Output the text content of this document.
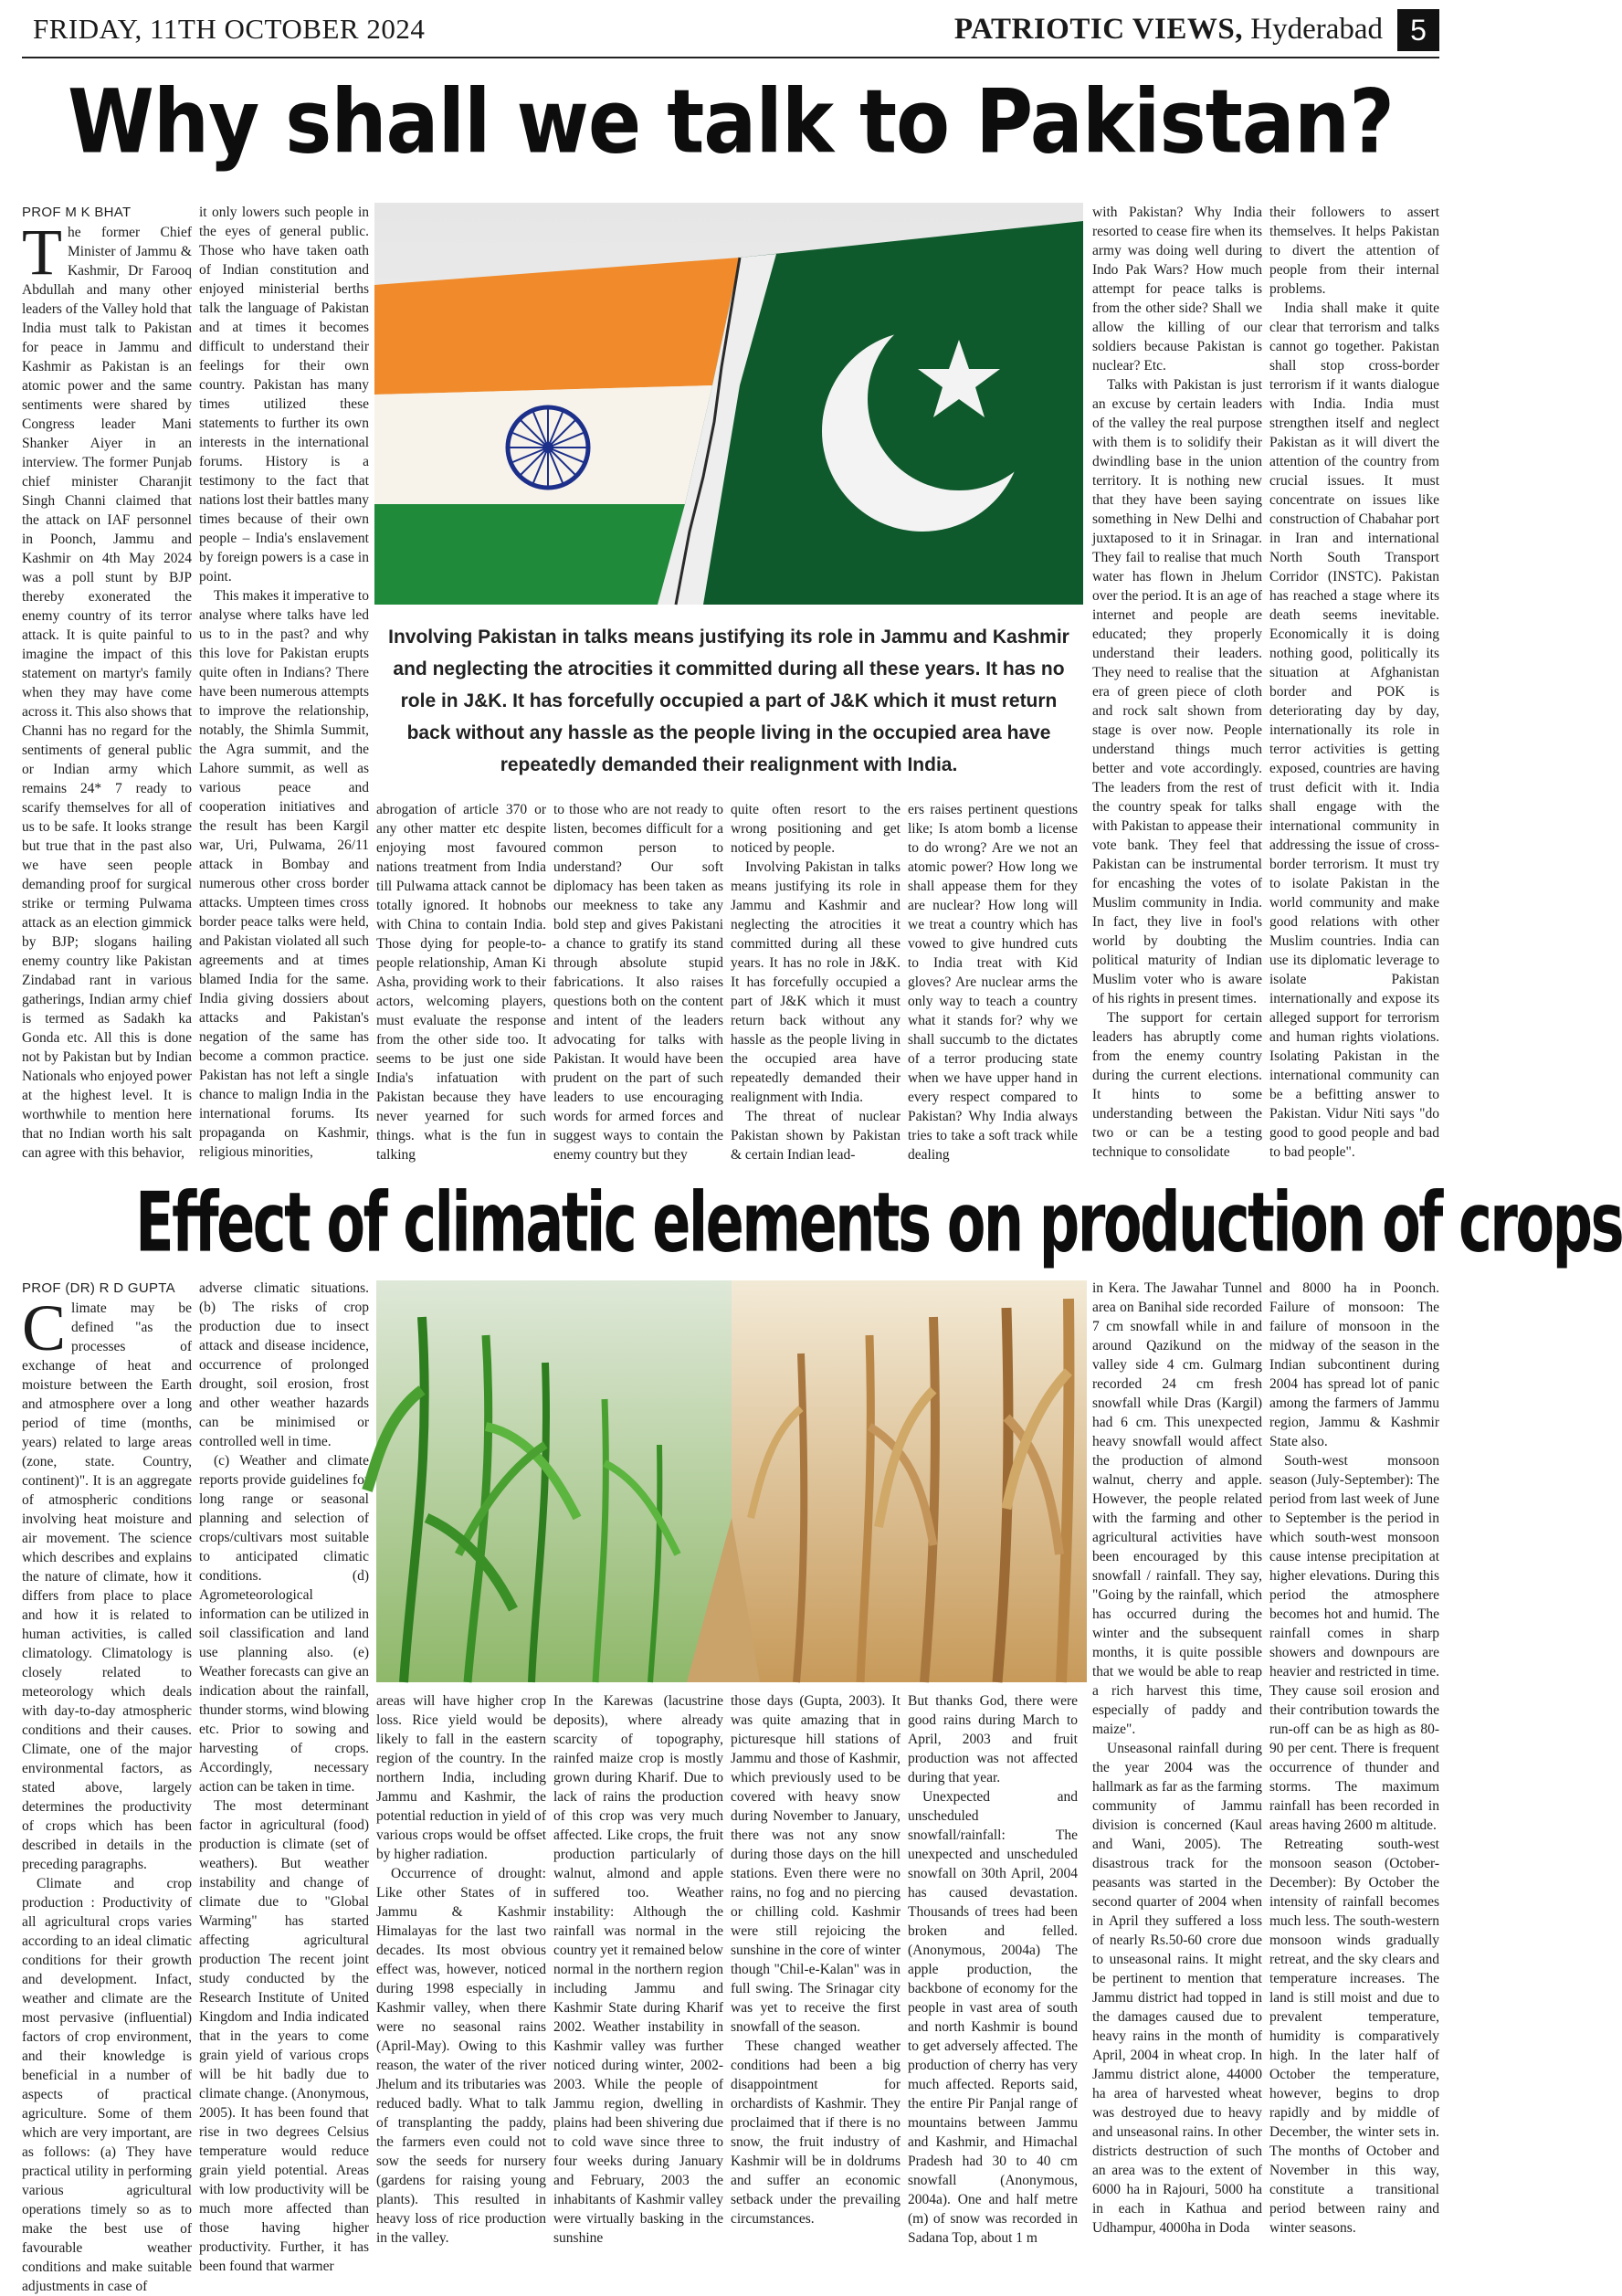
FRIDAY, 11TH OCTOBER 2024	PATRIOTIC VIEWS, Hyderabad 5
Why shall we talk to Pakistan?
PROF M K BHAT

The former Chief Minister of Jammu & Kashmir, Dr Farooq Abdullah and many other leaders of the Valley hold that India must talk to Pakistan for peace in Jammu and Kashmir as Pakistan is an atomic power and the same sentiments were shared by Congress leader Mani Shanker Aiyer in an interview. The former Punjab chief minister Charanjit Singh Channi claimed that the attack on IAF personnel in Poonch, Jammu and Kashmir on 4th May 2024 was a poll stunt by BJP thereby exonerated the enemy country of its terror attack. It is quite painful to imagine the impact of this statement on martyr's family when they may have come across it. This also shows that Channi has no regard for the sentiments of general public or Indian army which remains 24* 7 ready to scarify themselves for all of us to be safe. It looks strange but true that in the past also we have seen people demanding proof for surgical strike or terming Pulwama attack as an election gimmick by BJP; slogans hailing enemy country like Pakistan Zindabad rant in various gatherings, Indian army chief is termed as Sadakh ka Gonda etc. All this is done not by Pakistan but by Indian Nationals who enjoyed power at the highest level. It is worthwhile to mention here that no Indian worth his salt can agree with this behavior,

it only lowers such people in the eyes of general public. Those who have taken oath of Indian constitution and enjoyed ministerial berths talk the language of Pakistan and at times it becomes difficult to understand their feelings for their own country. Pakistan has many times utilized these statements to further its own interests in the international forums. History is a testimony to the fact that nations lost their battles many times because of their own people – India's enslavement by foreign powers is a case in point.

This makes it imperative to analyse where talks have led us to in the past? and why this love for Pakistan erupts quite often in Indians? There have been numerous attempts to improve the relationship, notably, the Shimla Summit, the Agra summit, and the Lahore summit, as well as various peace and cooperation initiatives and the result has been Kargil war, Uri, Pulwama, 26/11 attack in Bombay and numerous other cross border attacks. Umpteen times cross border peace talks were held, and Pakistan violated all such agreements and at times blamed India for the same. India giving dossiers about attacks and Pakistan's negation of the same has become a common practice. Pakistan has not left a single chance to malign India in the international forums. Its propaganda on Kashmir, religious minorities,

Involving Pakistan in talks means justifying its role in Jammu and Kashmir and neglecting the atrocities it committed during all these years. It has no role in J&K. It has forcefully occupied a part of J&K which it must return back without any hassle as the people living in the occupied area have repeatedly demanded their realignment with India.

abrogation of article 370 or any other matter etc despite enjoying most favoured nations treatment from India till Pulwama attack cannot be totally ignored. It hobnobs with China to contain India. Those dying for people-to-people relationship, Aman Ki Asha, providing work to their actors, welcoming players, must evaluate the response from the other side too. It seems to be just one side India's infatuation with Pakistan because they have never yearned for such things. what is the fun in talking

to those who are not ready to listen, becomes difficult for a common person to understand? Our soft diplomacy has been taken as our meekness to take any bold step and gives Pakistani a chance to gratify its stand through absolute stupid fabrications. It also raises questions both on the content and intent of the leaders advocating for talks with Pakistan. It would have been prudent on the part of such leaders to use encouraging words for armed forces and suggest ways to contain the enemy country but they

quite often resort to the wrong positioning and get noticed by people.

Involving Pakistan in talks means justifying its role in Jammu and Kashmir and neglecting the atrocities it committed during all these years. It has no role in J&K. It has forcefully occupied a part of J&K which it must return back without any hassle as the people living in the occupied area have repeatedly demanded their realignment with India.

The threat of nuclear Pakistan shown by Pakistan & certain Indian lead-

ers raises pertinent questions like; Is atom bomb a license to do wrong? Are we not an atomic power? How long we shall appease them for they are nuclear? How long will we treat a country which has vowed to give hundred cuts to India treat with Kid gloves? Are nuclear arms the only way to teach a country what it stands for? why we shall succumb to the dictates of a terror producing state when we have upper hand in every respect compared to Pakistan? Why India always tries to take a soft track while dealing

with Pakistan? Why India resorted to cease fire when its army was doing well during Indo Pak Wars? How much attempt for peace talks is from the other side? Shall we allow the killing of our soldiers because Pakistan is nuclear? Etc.

Talks with Pakistan is just an excuse by certain leaders of the valley the real purpose with them is to solidify their dwindling base in the union territory. It is nothing new that they have been saying something in New Delhi and juxtaposed to it in Srinagar. They fail to realise that much water has flown in Jhelum over the period. It is an age of internet and people are educated; they properly understand their leaders. They need to realise that the era of green piece of cloth and rock salt shown from stage is over now. People understand things much better and vote accordingly. The leaders from the rest of the country speak for talks with Pakistan to appease their vote bank. They feel that Pakistan can be instrumental for encashing the votes of Muslim community in India. In fact, they live in fool's world by doubting the political maturity of Indian Muslim voter who is aware of his rights in present times.

The support for certain leaders has abruptly come from the enemy country during the current elections. It hints to some understanding between the two or can be a testing technique to consolidate

their followers to assert themselves. It helps Pakistan to divert the attention of people from their internal problems.

India shall make it quite clear that terrorism and talks cannot go together. Pakistan shall stop cross-border terrorism if it wants dialogue with India. India must strengthen itself and neglect Pakistan as it will divert the attention of the country from crucial issues. It must concentrate on issues like construction of Chabahar port in Iran and international North South Transport Corridor (INSTC). Pakistan has reached a stage where its death seems inevitable. Economically it is doing nothing good, politically its situation at Afghanistan border and POK is deteriorating day by day, internationally its role in terror activities is getting exposed, countries are having trust deficit with it. India shall engage with the international community in addressing the issue of cross-border terrorism. It must try to isolate Pakistan in the world community and make good relations with other Muslim countries. India can use its diplomatic leverage to isolate Pakistan internationally and expose its alleged support for terrorism and human rights violations. Isolating Pakistan in the international community can be a befitting answer to Pakistan. Vidur Niti says "do good to good people and bad to bad people".

Effect of climatic elements on production of crops
PROF (DR) R D GUPTA

Climate may be defined "as the processes of exchange of heat and moisture between the Earth and atmosphere over a long period of time (months, years) related to large areas (zone, state. Country, continent)". It is an aggregate of atmospheric conditions involving heat moisture and air movement. The science which describes and explains the nature of climate, how it differs from place to place and how it is related to human activities, is called climatology. Climatology is closely related to meteorology which deals with day-to-day atmospheric conditions and their causes. Climate, one of the major environmental factors, as stated above, largely determines the productivity of crops which has been described in details in the preceding paragraphs.

Climate and crop production : Productivity of all agricultural crops varies according to an ideal climatic conditions for their growth and development. Infact, weather and climate are the most pervasive (influential) factors of crop environment, and their knowledge is beneficial in a number of aspects of practical agriculture. Some of them which are very important, are as follows: (a) They have practical utility in performing various agricultural operations timely so as to make the best use of favourable weather conditions and make suitable adjustments in case of

adverse climatic situations. (b) The risks of crop production due to insect attack and disease incidence, occurrence of prolonged drought, soil erosion, frost and other weather hazards can be minimised or controlled well in time.

(c) Weather and climate reports provide guidelines for long range or seasonal planning and selection of crops/cultivars most suitable to anticipated climatic conditions. (d) Agrometeorological information can be utilized in soil classification and land use planning also. (e) Weather forecasts can give an indication about the rainfall, thunder storms, wind blowing etc. Prior to sowing and harvesting of crops. Accordingly, necessary action can be taken in time.

The most determinant factor in agricultural (food) production is climate (set of weathers). But weather instability and change of climate due to "Global Warming" has started affecting agricultural production The recent joint study conducted by the Research Institute of United Kingdom and India indicated that in the years to come grain yield of various crops will be hit badly due to climate change. (Anonymous, 2005). It has been found that rise in two degrees Celsius temperature would reduce grain yield potential. Areas with low productivity will be much more affected than those having higher productivity. Further, it has been found that warmer

areas will have higher crop loss. Rice yield would be likely to fall in the eastern region of the country. In the northern India, including Jammu and Kashmir, the potential reduction in yield of various crops would be offset by higher radiation.

Occurrence of drought: Like other States of in Jammu & Kashmir Himalayas for the last two decades. Its most obvious effect was, however, noticed during 1998 especially in Kashmir valley, when there were no seasonal rains (April-May). Owing to this reason, the water of the river Jhelum and its tributaries was reduced badly. What to talk of transplanting the paddy, the farmers even could not sow the seeds for nursery (gardens for raising young plants). This resulted in heavy loss of rice production in the valley.

In the Karewas (lacustrine deposits), where already scarcity of topography, rainfed maize crop is mostly grown during Kharif. Due to lack of rains the production of this crop was very much affected. Like crops, the fruit production particularly of walnut, almond and apple suffered too. Weather instability: Although the rainfall was normal in the country yet it remained below normal in the northern region including Jammu and Kashmir State during Kharif 2002. Weather instability in Kashmir valley was further noticed during winter, 2002-2003. While the people of Jammu region, dwelling in plains had been shivering due to cold wave since three to four weeks during January and February, 2003 the inhabitants of Kashmir valley were virtually basking in the sunshine

those days (Gupta, 2003). It was quite amazing that in picturesque hill stations of Jammu and those of Kashmir, which previously used to be covered with heavy snow during November to January, there was not any snow during those days on the hill stations. Even there were no rains, no fog and no piercing or chilling cold. Kashmir were still rejoicing the sunshine in the core of winter though "Chil-e-Kalan" was in full swing. The Srinagar city was yet to receive the first snowfall of the season.

These changed weather conditions had been a big disappointment for orchardists of Kashmir. They proclaimed that if there is no snow, the fruit industry of Kashmir will be in doldrums and suffer an economic setback under the prevailing circumstances.

But thanks God, there were good rains during March to April, 2003 and fruit production was not affected during that year.

Unexpected and unscheduled snowfall/rainfall: The unexpected and unscheduled snowfall on 30th April, 2004 has caused devastation. Thousands of trees had been broken and felled. (Anonymous, 2004a) The apple production, the backbone of economy for the people in vast area of south and north Kashmir is bound to get adversely affected. The production of cherry has very much affected. Reports said, the entire Pir Panjal range of mountains between Jammu and Kashmir, and Himachal Pradesh had 30 to 40 cm snowfall (Anonymous, 2004a). One and half metre (m) of snow was recorded in Sadana Top, about 1 m

in Kera. The Jawahar Tunnel area on Banihal side recorded 7 cm snowfall while in and around Qazikund on the valley side 4 cm. Gulmarg recorded 24 cm fresh snowfall while Dras (Kargil) had 6 cm. This unexpected heavy snowfall would affect the production of almond walnut, cherry and apple. However, the people related with the farming and other agricultural activities have been encouraged by this snowfall / rainfall. They say, "Going by the rainfall, which has occurred during the winter and the subsequent months, it is quite possible that we would be able to reap a rich harvest this time, especially of paddy and maize".

Unseasonal rainfall during the year 2004 was the hallmark as far as the farming community of Jammu division is concerned (Kaul and Wani, 2005). The disastrous track for the peasants was started in the second quarter of 2004 when in April they suffered a loss of nearly Rs.50-60 crore due to unseasonal rains. It might be pertinent to mention that Jammu district had topped in the damages caused due to heavy rains in the month of April, 2004 in wheat crop. In Jammu district alone, 44000 ha area of harvested wheat was destroyed due to heavy and unseasonal rains. In other districts destruction of such an area was to the extent of 6000 ha in Rajouri, 5000 ha in each in Kathua and Udhampur, 4000ha in Doda

and 8000 ha in Poonch. Failure of monsoon: The failure of monsoon in the midway of the season in the Indian subcontinent during 2004 has spread lot of panic among the farmers of Jammu region, Jammu & Kashmir State also.

South-west monsoon season (July-September): The period from last week of June to September is the period in which south-west monsoon cause intense precipitation at higher elevations. During this period the atmosphere becomes hot and humid. The rainfall comes in sharp showers and downpours are heavier and restricted in time. They cause soil erosion and their contribution towards the run-off can be as high as 80-90 per cent. There is frequent occurrence of thunder and storms. The maximum rainfall has been recorded in areas having 2600 m altitude.

Retreating south-west monsoon season (October-December): By October the intensity of rainfall becomes much less. The south-western monsoon winds gradually retreat, and the sky clears and temperature increases. The land is still moist and due to prevalent temperature, humidity is comparatively high. In the later half of October the temperature, however, begins to drop rapidly and by middle of December, the winter sets in. The months of October and November in this way, constitute a transitional period between rainy and winter seasons.
